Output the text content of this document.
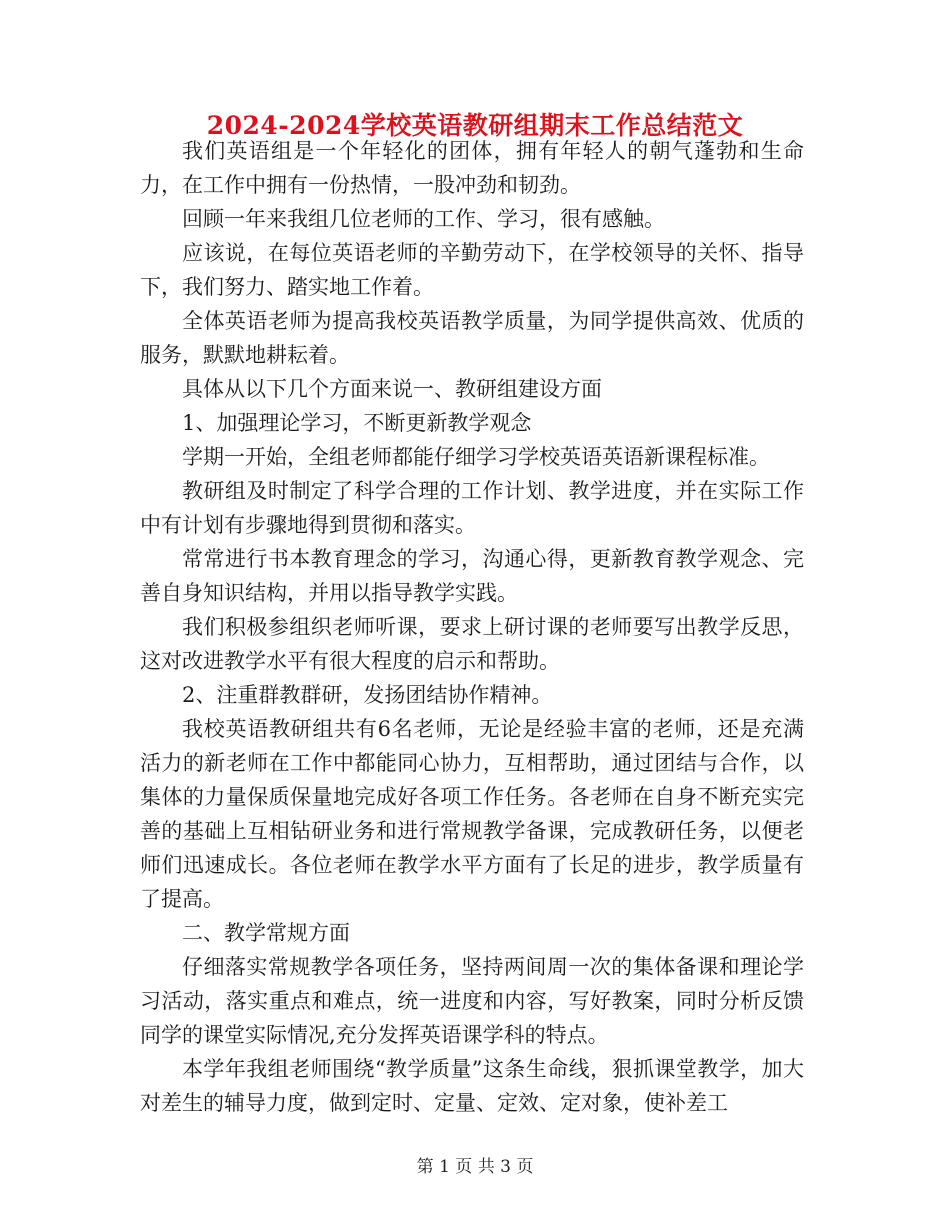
2024-2024学校英语教研组期末工作总结范文

我们英语组是一个年轻化的团体，拥有年轻人的朝气蓬勃和生命力，在工作中拥有一份热情，一股冲劲和韧劲。

回顾一年来我组几位老师的工作、学习，很有感触。

应该说，在每位英语老师的辛勤劳动下，在学校领导的关怀、指导下，我们努力、踏实地工作着。

全体英语老师为提高我校英语教学质量，为同学提供高效、优质的服务，默默地耕耘着。

具体从以下几个方面来说一、教研组建设方面

1、加强理论学习，不断更新教学观念

学期一开始，全组老师都能仔细学习学校英语英语新课程标准。

教研组及时制定了科学合理的工作计划、教学进度，并在实际工作中有计划有步骤地得到贯彻和落实。

常常进行书本教育理念的学习，沟通心得，更新教育教学观念、完善自身知识结构，并用以指导教学实践。

我们积极参组织老师听课，要求上研讨课的老师要写出教学反思，这对改进教学水平有很大程度的启示和帮助。

2、注重群教群研，发扬团结协作精神。

我校英语教研组共有6名老师，无论是经验丰富的老师，还是充满活力的新老师在工作中都能同心协力，互相帮助，通过团结与合作，以集体的力量保质保量地完成好各项工作任务。各老师在自身不断充实完善的基础上互相钻研业务和进行常规教学备课，完成教研任务，以便老师们迅速成长。各位老师在教学水平方面有了长足的进步，教学质量有了提高。

二、教学常规方面

仔细落实常规教学各项任务，坚持两间周一次的集体备课和理论学习活动，落实重点和难点，统一进度和内容，写好教案，同时分析反馈同学的课堂实际情况,充分发挥英语课学科的特点。

本学年我组老师围绕“教学质量”这条生命线，狠抓课堂教学，加大对差生的辅导力度，做到定时、定量、定效、定对象，使补差工

第 1 页 共 3 页
